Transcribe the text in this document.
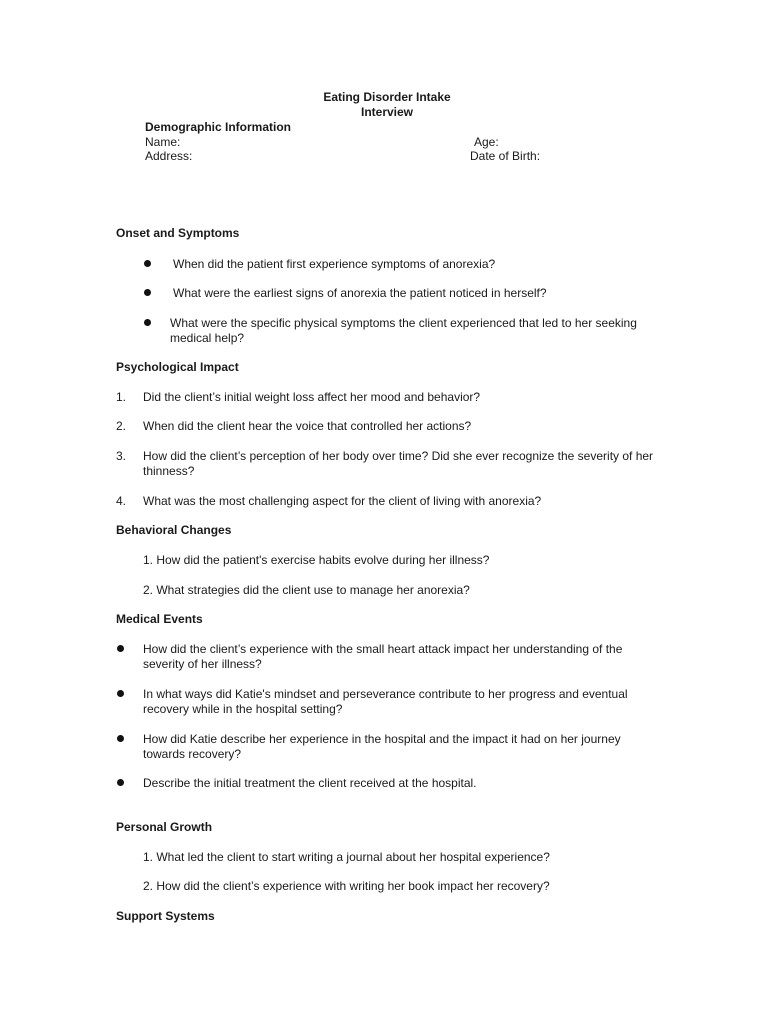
Eating Disorder Intake
Interview
Demographic Information
Name:	Age:
Address:	Date of Birth:
Onset and Symptoms
When did the patient first experience symptoms of anorexia?
What were the earliest signs of anorexia the patient noticed in herself?
What were the specific physical symptoms the client experienced that led to her seeking
medical help?
Psychological Impact
1. Did the client’s initial weight loss affect her mood and behavior?
2. When did the client hear the voice that controlled her actions?
3. How did the client’s perception of her body over time? Did she ever recognize the severity of her
thinness?
4. What was the most challenging aspect for the client of living with anorexia?
Behavioral Changes
1. How did the patient's exercise habits evolve during her illness?
2. What strategies did the client use to manage her anorexia?
Medical Events
How did the client’s experience with the small heart attack impact her understanding of the
severity of her illness?
In what ways did Katie's mindset and perseverance contribute to her progress and eventual
recovery while in the hospital setting?
How did Katie describe her experience in the hospital and the impact it had on her journey
towards recovery?
Describe the initial treatment the client received at the hospital.
Personal Growth
1. What led the client to start writing a journal about her hospital experience?
2. How did the client’s experience with writing her book impact her recovery?
Support Systems
